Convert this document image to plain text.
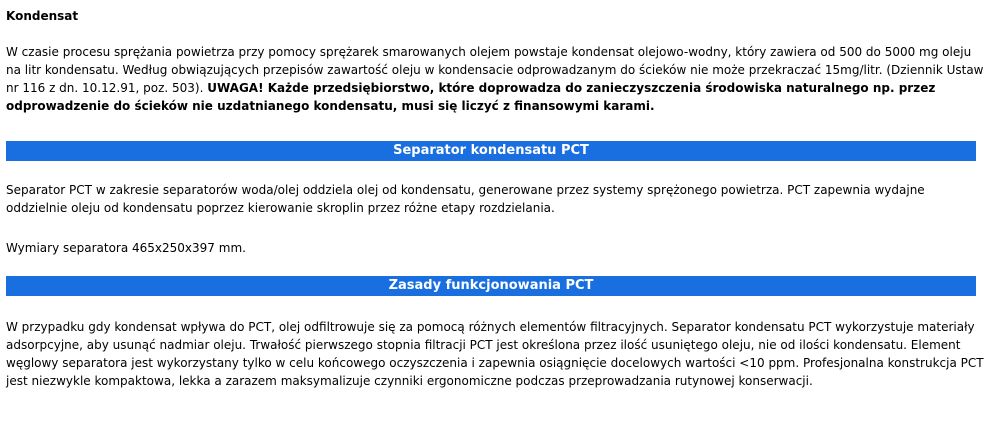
Kondensat

W czasie procesu sprężania powietrza przy pomocy sprężarek smarowanych olejem powstaje kondensat olejowo-wodny, który zawiera od 500 do 5000 mg oleju na litr kondensatu. Według obwiązujących przepisów zawartość oleju w kondensacie odprowadzanym do ścieków nie może przekraczać 15mg/litr. (Dziennik Ustaw nr 116 z dn. 10.12.91, poz. 503). UWAGA! Każde przedsiębiorstwo, które doprowadza do zanieczyszczenia środowiska naturalnego np. przez odprowadzenie do ścieków nie uzdatnianego kondensatu, musi się liczyć z finansowymi karami.

Separator kondensatu PCT

Separator PCT w zakresie separatorów woda/olej oddziela olej od kondensatu, generowane przez systemy sprężonego powietrza. PCT zapewnia wydajne oddzielnie oleju od kondensatu poprzez kierowanie skroplin przez różne etapy rozdzielania.

Wymiary separatora 465x250x397 mm.

Zasady funkcjonowania PCT

W przypadku gdy kondensat wpływa do PCT, olej odfiltrowuje się za pomocą różnych elementów filtracyjnych. Separator kondensatu PCT wykorzystuje materiały adsorpcyjne, aby usunąć nadmiar oleju. Trwałość pierwszego stopnia filtracji PCT jest określona przez ilość usuniętego oleju, nie od ilości kondensatu. Element węglowy separatora jest wykorzystany tylko w celu końcowego oczyszczenia i zapewnia osiągnięcie docelowych wartości <10 ppm. Profesjonalna konstrukcja PCT jest niezwykle kompaktowa, lekka a zarazem maksymalizuje czynniki ergonomiczne podczas przeprowadzania rutynowej konserwacji.
